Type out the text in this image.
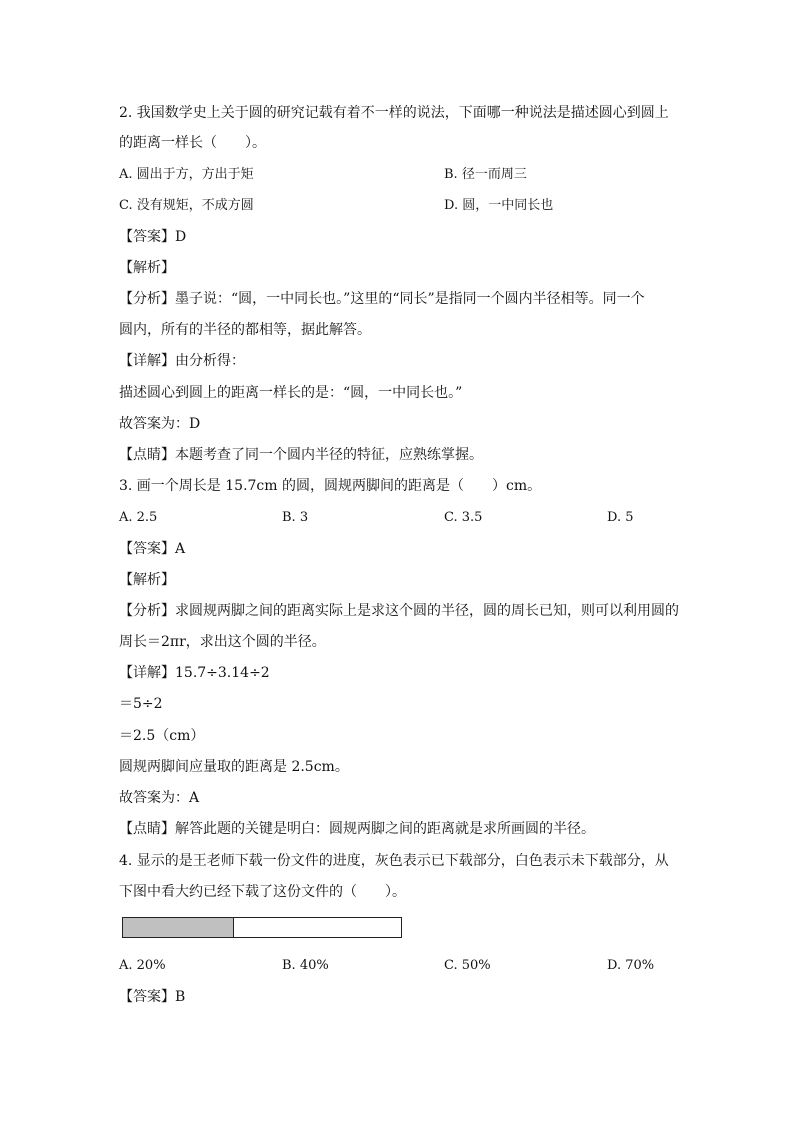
2. 我国数学史上关于圆的研究记载有着不一样的说法，下面哪一种说法是描述圆心到圆上
的距离一样长（　　）。
A. 圆出于方，方出于矩	B. 径一而周三
C. 没有规矩，不成方圆	D. 圆，一中同长也
【答案】D
【解析】
【分析】墨子说：“圆，一中同长也。”这里的“同长”是指同一个圆内半径相等。同一个
圆内，所有的半径的都相等，据此解答。
【详解】由分析得：
描述圆心到圆上的距离一样长的是：“圆，一中同长也。”
故答案为：D
【点睛】本题考查了同一个圆内半径的特征，应熟练掌握。
3. 画一个周长是 15.7cm 的圆，圆规两脚间的距离是（　　）cm。
A. 2.5	B. 3	C. 3.5	D. 5
【答案】A
【解析】
【分析】求圆规两脚之间的距离实际上是求这个圆的半径，圆的周长已知，则可以利用圆的
周长＝2πr，求出这个圆的半径。
【详解】15.7÷3.14÷2
＝5÷2
＝2.5（cm）
圆规两脚间应量取的距离是 2.5cm。
故答案为：A
【点睛】解答此题的关键是明白：圆规两脚之间的距离就是求所画圆的半径。
4. 显示的是王老师下载一份文件的进度，灰色表示已下载部分，白色表示未下载部分，从
下图中看大约已经下载了这份文件的（　　）。
A. 20%	B. 40%	C. 50%	D. 70%
【答案】B
